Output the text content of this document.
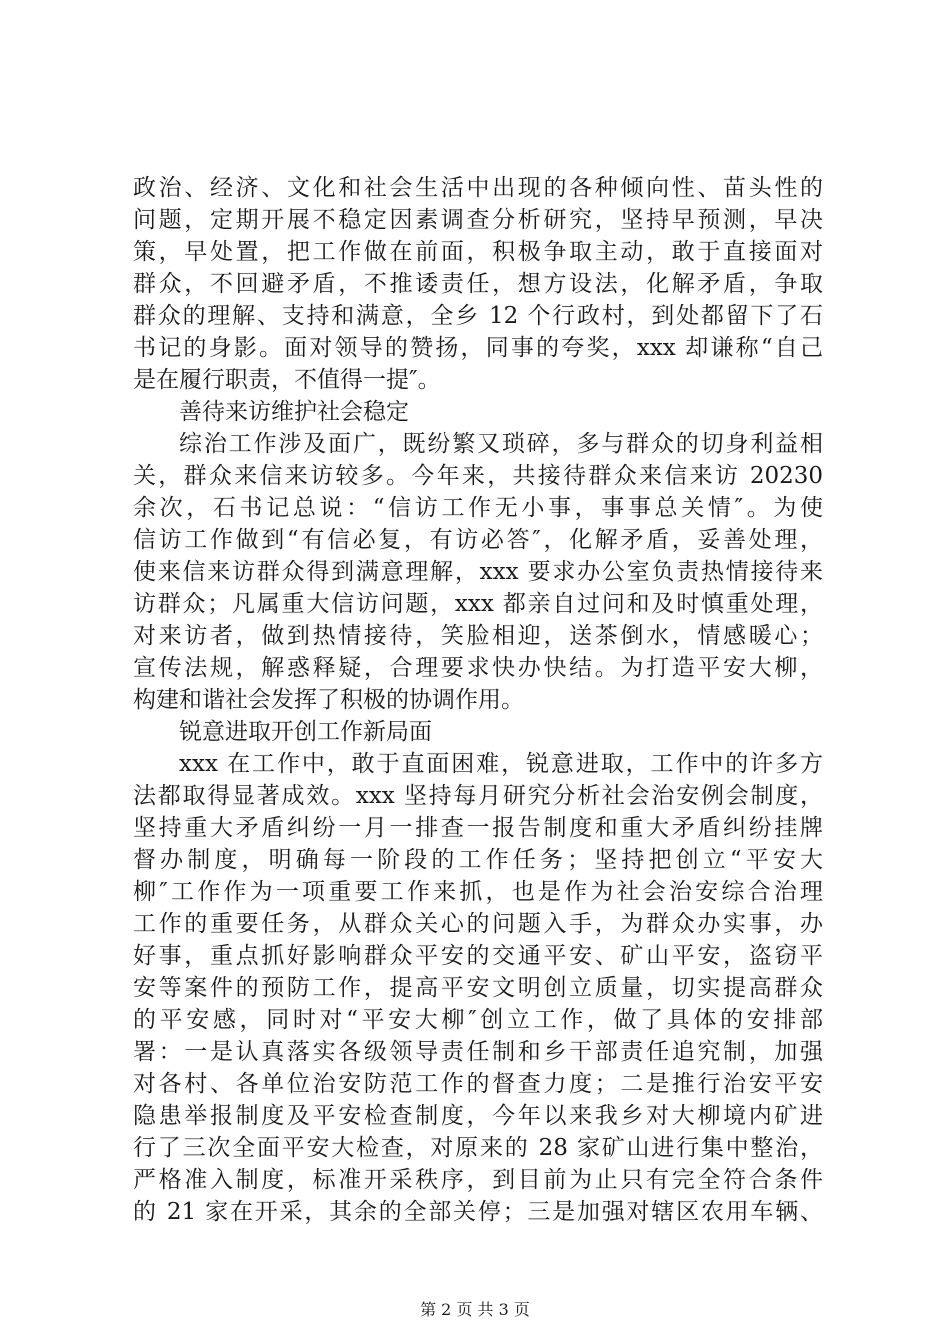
政治、经济、文化和社会生活中出现的各种倾向性、苗头性的
问题，定期开展不稳定因素调查分析研究，坚持早预测，早决
策，早处置，把工作做在前面，积极争取主动，敢于直接面对
群众，不回避矛盾，不推诿责任，想方设法，化解矛盾，争取
群众的理解、支持和满意，全乡 12 个行政村，到处都留下了石
书记的身影。面对领导的赞扬，同事的夸奖，xxx 却谦称“自己
是在履行职责，不值得一提″。
善待来访维护社会稳定
综治工作涉及面广，既纷繁又琐碎，多与群众的切身利益相
关，群众来信来访较多。今年来，共接待群众来信来访 20230
余次，石书记总说：“信访工作无小事，事事总关情″。为使
信访工作做到“有信必复，有访必答″，化解矛盾，妥善处理，
使来信来访群众得到满意理解，xxx 要求办公室负责热情接待来
访群众；凡属重大信访问题，xxx 都亲自过问和及时慎重处理，
对来访者，做到热情接待，笑脸相迎，送茶倒水，情感暖心；
宣传法规，解惑释疑，合理要求快办快结。为打造平安大柳，
构建和谐社会发挥了积极的协调作用。
锐意进取开创工作新局面
xxx 在工作中，敢于直面困难，锐意进取，工作中的许多方
法都取得显著成效。xxx 坚持每月研究分析社会治安例会制度，
坚持重大矛盾纠纷一月一排查一报告制度和重大矛盾纠纷挂牌
督办制度，明确每一阶段的工作任务；坚持把创立“平安大
柳″工作作为一项重要工作来抓，也是作为社会治安综合治理
工作的重要任务，从群众关心的问题入手，为群众办实事，办
好事，重点抓好影响群众平安的交通平安、矿山平安，盗窃平
安等案件的预防工作，提高平安文明创立质量，切实提高群众
的平安感，同时对“平安大柳″创立工作，做了具体的安排部
署：一是认真落实各级领导责任制和乡干部责任追究制，加强
对各村、各单位治安防范工作的督查力度；二是推行治安平安
隐患举报制度及平安检查制度，今年以来我乡对大柳境内矿进
行了三次全面平安大检查，对原来的 28 家矿山进行集中整治，
严格准入制度，标准开采秩序，到目前为止只有完全符合条件
的 21 家在开采，其余的全部关停；三是加强对辖区农用车辆、
第 2 页 共 3 页
